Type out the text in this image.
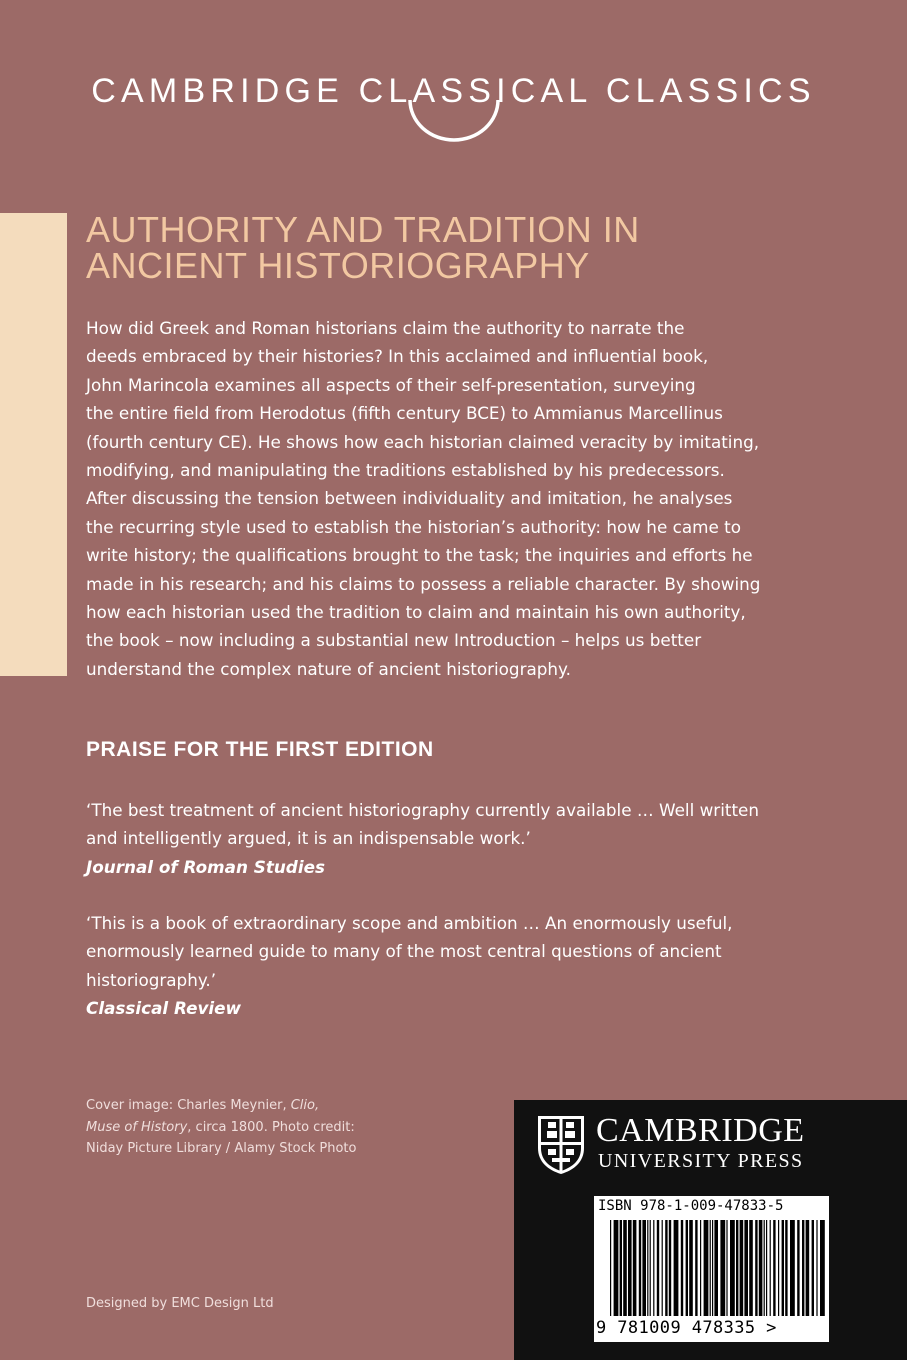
CAMBRIDGE CLASSICAL CLASSICS
AUTHORITY AND TRADITION IN
ANCIENT HISTORIOGRAPHY
How did Greek and Roman historians claim the authority to narrate the
deeds embraced by their histories? In this acclaimed and influential book,
John Marincola examines all aspects of their self-presentation, surveying
the entire field from Herodotus (fifth century BCE) to Ammianus Marcellinus
(fourth century CE). He shows how each historian claimed veracity by imitating,
modifying, and manipulating the traditions established by his predecessors.
After discussing the tension between individuality and imitation, he analyses
the recurring style used to establish the historian’s authority: how he came to
write history; the qualifications brought to the task; the inquiries and efforts he
made in his research; and his claims to possess a reliable character. By showing
how each historian used the tradition to claim and maintain his own authority,
the book – now including a substantial new Introduction – helps us better
understand the complex nature of ancient historiography.
PRAISE FOR THE FIRST EDITION
‘The best treatment of ancient historiography currently available … Well written
and intelligently argued, it is an indispensable work.’
Journal of Roman Studies
‘This is a book of extraordinary scope and ambition … An enormously useful,
enormously learned guide to many of the most central questions of ancient
historiography.’
Classical Review
Cover image: Charles Meynier, Clio,
Muse of History, circa 1800. Photo credit:
Niday Picture Library / Alamy Stock Photo
Designed by EMC Design Ltd
CAMBRIDGE
UNIVERSITY PRESS
ISBN 978-1-009-47833-5
9 781009 478335 >
